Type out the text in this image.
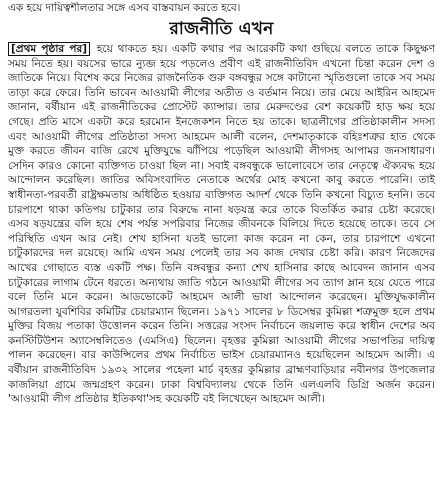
এক হয়ে দায়িত্বশীলতার সঙ্গে এসব বাস্তবায়ন করতে হবে।
রাজনীতি এখন

[প্রথম পৃষ্ঠার পর] হয়ে থাকতে হয়। একটি কথার পর আরেকটি কথা গুছিয়ে বলতে তাকে কিছুক্ষণ সময় নিতে হয়। বয়সের ভারে ন্যুব্জ হয়ে পড়লেও প্রবীণ এই রাজনীতিবিদ এখনো চিন্তা করেন দেশ ও জাতিকে নিয়ে। বিশেষ করে নিজের রাজনৈতিক গুরু বঙ্গবন্ধুর সঙ্গে কাটানো স্মৃতিগুলো তাকে সব সময় তাড়া করে ফেরে। তিনি ভাবেন আওয়ামী লীগের অতীত ও বর্তমান নিয়ে। তার মেয়ে আইরিন আহমেদ জানান, বর্ষীয়ান এই রাজনীতিকের প্রোস্টেট ক্যান্সার। তার মেরুদণ্ডের বেশ কয়েকটি হাড় ক্ষয় হয়ে গেছে। প্রতি মাসে একটা করে হরমোন ইনজেকশন নিতে হয় তাকে। ছাত্রলীগের প্রতিষ্ঠাকালীন সদস্য এবং আওয়ামী লীগের প্রতিষ্ঠাতা সদস্য আহমেদ আলী বলেন, দেশমাতৃকাকে বহিঃশত্রুর হাত থেকে মুক্ত করতে জীবন বাজি রেখে মুক্তিযুদ্ধে ঝাঁপিয়ে পড়েছিল আওয়ামী লীগসহ আপামর জনসাধারণ। সেদিন কারও কোনো ব্যক্তিগত চাওয়া ছিল না। সবাই বঙ্গবন্ধুকে ভালোবেসে তার নেতৃত্বে ঐক্যবদ্ধ হয়ে আন্দোলন করেছিল। জাতির অবিসংবাদিত নেতাকে অর্থের মোহ কখনো কাবু করতে পারেনি। তাই স্বাধীনতা-পরবর্তী রাষ্ট্রক্ষমতায় অধিষ্ঠিত হওয়ার ব্যক্তিগত আদর্শ থেকে তিনি কখনো বিচ্যুত হননি। তবে চারপাশে থাকা কতিপয় চাটুকার তার বিরুদ্ধে নানা ষড়যন্ত্র করে তাকে বিতর্কিত করার চেষ্টা করেছে। এসব ষড়যন্ত্রের বলি হয়ে শেষ পর্যন্ত সপরিবার নিজের জীবনকে বিলিয়ে দিতে হয়েছে তাকে। তবে সে পরিস্থিতি এখন আর নেই। শেখ হাসিনা যতই ভালো কাজ করেন না কেন, তার চারপাশে এখনো চাটুকারদের দল রয়েছে। আমি এখন সময় পেলেই তার সব কাজ দেখার চেষ্টা করি। কারণ নিজেদের আখের গোছাতে ব্যস্ত একটি পক্ষ। তিনি বঙ্গবন্ধুর কন্যা শেখ হাসিনার কাছে আবেদন জানান এসব চাটুকারের লাগাম টেনে ধরতে। অন্যথায় জাতি গঠনে আওয়ামী লীগের সব ত্যাগ ম্লান হয়ে যেতে পারে বলে তিনি মনে করেন। আডভোকেট আহমেদ আলী ভাষা আন্দোলন করেছেন। মুক্তিযুদ্ধকালীন আগরতলা যুবশিবির কমিটির চেয়ারম্যান ছিলেন। ১৯৭১ সালের ৮ ডিসেম্বর কুমিল্লা শত্রুমুক্ত হলে প্রথম মুক্তির বিজয় পতাকা উত্তোলন করেন তিনি। সত্তরের সংসদ নির্বাচনে জয়লাভ করে স্বাধীন দেশের অব কনস্টিটিউশন অ্যাসেম্বলিতেও (এমসিএ) ছিলেন। বৃহত্তর কুমিল্লা আওয়ামী লীগের সভাপতির দায়িত্ব পালন করেছেন। বার কাউন্সিলের প্রথম নির্বাচিত ভাইস চেয়ারম্যানও হয়েছিলেন আহমেদ আলী। এ বর্ষীয়ান রাজনীতিবিদ ১৯৩২ সালের পহেলা মার্চ বৃহত্তর কুমিল্লার ব্রাহ্মণবাড়িয়ার নবীনগর উপজেলার কাজলিয়া গ্রামে জন্মগ্রহণ করেন। ঢাকা বিশ্ববিদ্যালয় থেকে তিনি এলএলবি ডিগ্রি অর্জন করেন। 'আওয়ামী লীগ প্রতিষ্ঠার ইতিকথা'সহ কয়েকটি বই লিখেছেন আহমেদ আলী।
